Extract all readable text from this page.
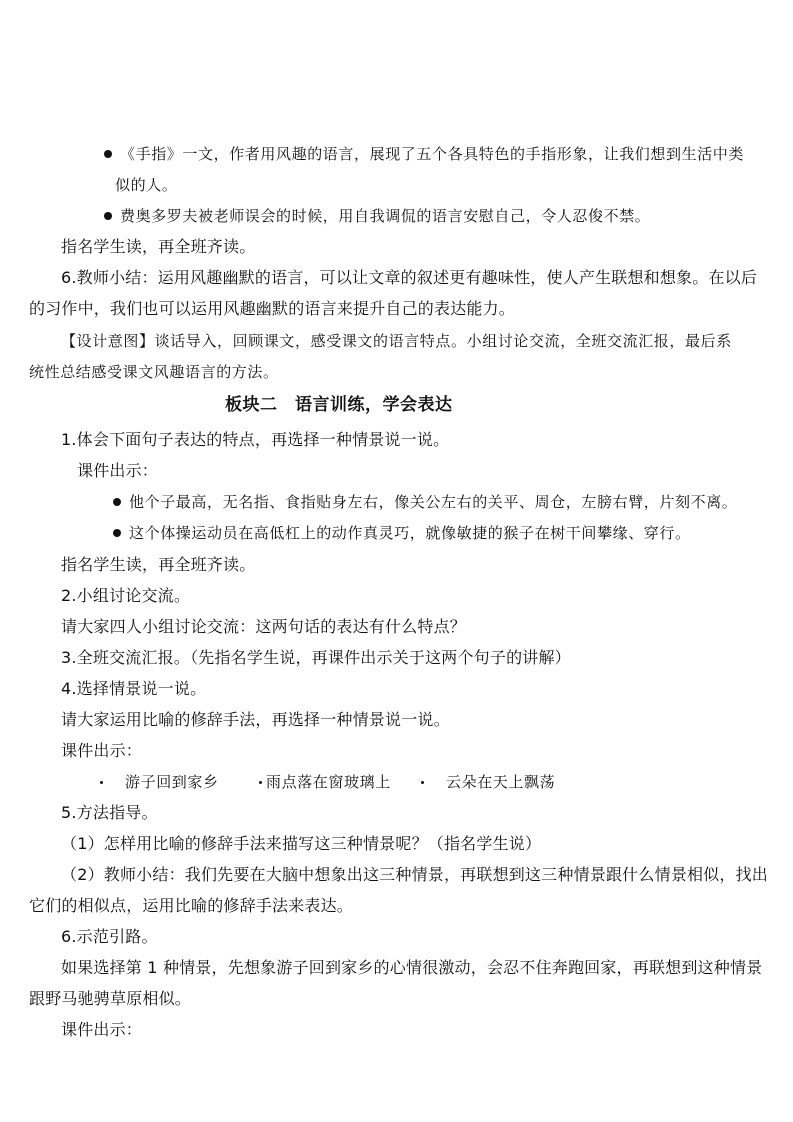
《手指》一文，作者用风趣的语言，展现了五个各具特色的手指形象，让我们想到生活中类
似的人。
费奥多罗夫被老师误会的时候，用自我调侃的语言安慰自己，令人忍俊不禁。
指名学生读，再全班齐读。
6.教师小结：运用风趣幽默的语言，可以让文章的叙述更有趣味性，使人产生联想和想象。在以后
的习作中，我们也可以运用风趣幽默的语言来提升自己的表达能力。
【设计意图】谈话导入，回顾课文，感受课文的语言特点。小组讨论交流，全班交流汇报，最后系
统性总结感受课文风趣语言的方法。
板块二　语言训练，学会表达
1.体会下面句子表达的特点，再选择一种情景说一说。
课件出示：
他个子最高，无名指、食指贴身左右，像关公左右的关平、周仓，左膀右臂，片刻不离。
这个体操运动员在高低杠上的动作真灵巧，就像敏捷的猴子在树干间攀缘、穿行。
指名学生读，再全班齐读。
2.小组讨论交流。
请大家四人小组讨论交流：这两句话的表达有什么特点？
3.全班交流汇报。（先指名学生说，再课件出示关于这两个句子的讲解）
4.选择情景说一说。
请大家运用比喻的修辞手法，再选择一种情景说一说。
课件出示：
游子回到家乡	雨点落在窗玻璃上	云朵在天上飘荡
5.方法指导。
（1）怎样用比喻的修辞手法来描写这三种情景呢？（指名学生说）
（2）教师小结：我们先要在大脑中想象出这三种情景，再联想到这三种情景跟什么情景相似，找出
它们的相似点，运用比喻的修辞手法来表达。
6.示范引路。
如果选择第 1 种情景，先想象游子回到家乡的心情很激动，会忍不住奔跑回家，再联想到这种情景
跟野马驰骋草原相似。
课件出示：
